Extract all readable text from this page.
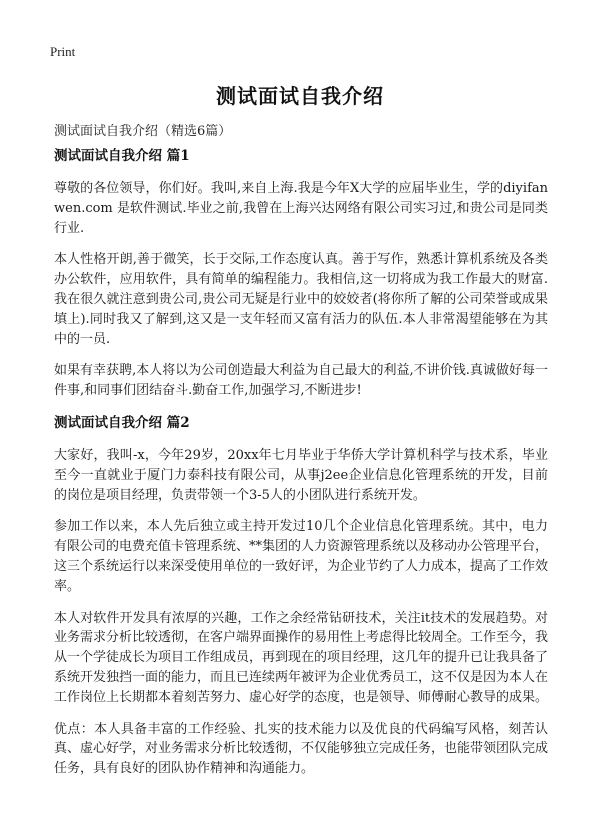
Print
测试面试自我介绍
测试面试自我介绍（精选6篇）
测试面试自我介绍 篇1

尊敬的各位领导，你们好。我叫,来自上海.我是今年X大学的应届毕业生，学的diyifanwen.com 是软件测试.毕业之前,我曾在上海兴达网络有限公司实习过,和贵公司是同类行业.

本人性格开朗,善于微笑，长于交际,工作态度认真。善于写作，熟悉计算机系统及各类办公软件，应用软件，具有简单的编程能力。我相信,这一切将成为我工作最大的财富.我在很久就注意到贵公司,贵公司无疑是行业中的姣姣者(将你所了解的公司荣誉或成果填上).同时我又了解到,这又是一支年轻而又富有活力的队伍.本人非常渴望能够在为其中的一员.

如果有幸获聘,本人将以为公司创造最大利益为自己最大的利益,不讲价钱.真诚做好每一件事,和同事们团结奋斗.勤奋工作,加强学习,不断进步!

测试面试自我介绍 篇2

大家好，我叫-x，今年29岁，20xx年七月毕业于华侨大学计算机科学与技术系，毕业至今一直就业于厦门力泰科技有限公司，从事j2ee企业信息化管理系统的开发，目前的岗位是项目经理，负责带领一个3-5人的小团队进行系统开发。

参加工作以来，本人先后独立或主持开发过10几个企业信息化管理系统。其中，电力有限公司的电费充值卡管理系统、**集团的人力资源管理系统以及移动办公管理平台，这三个系统运行以来深受使用单位的一致好评，为企业节约了人力成本，提高了工作效率。

本人对软件开发具有浓厚的兴趣，工作之余经常钻研技术，关注it技术的发展趋势。对业务需求分析比较透彻，在客户端界面操作的易用性上考虑得比较周全。工作至今，我从一个学徒成长为项目工作组成员，再到现在的项目经理，这几年的提升已让我具备了系统开发独挡一面的能力，而且已连续两年被评为企业优秀员工，这不仅是因为本人在工作岗位上长期都本着刻苦努力、虚心好学的态度，也是领导、师傅耐心教导的成果。

优点：本人具备丰富的工作经验、扎实的技术能力以及优良的代码编写风格，刻苦认真、虚心好学，对业务需求分析比较透彻，不仅能够独立完成任务，也能带领团队完成任务，具有良好的团队协作精神和沟通能力。
